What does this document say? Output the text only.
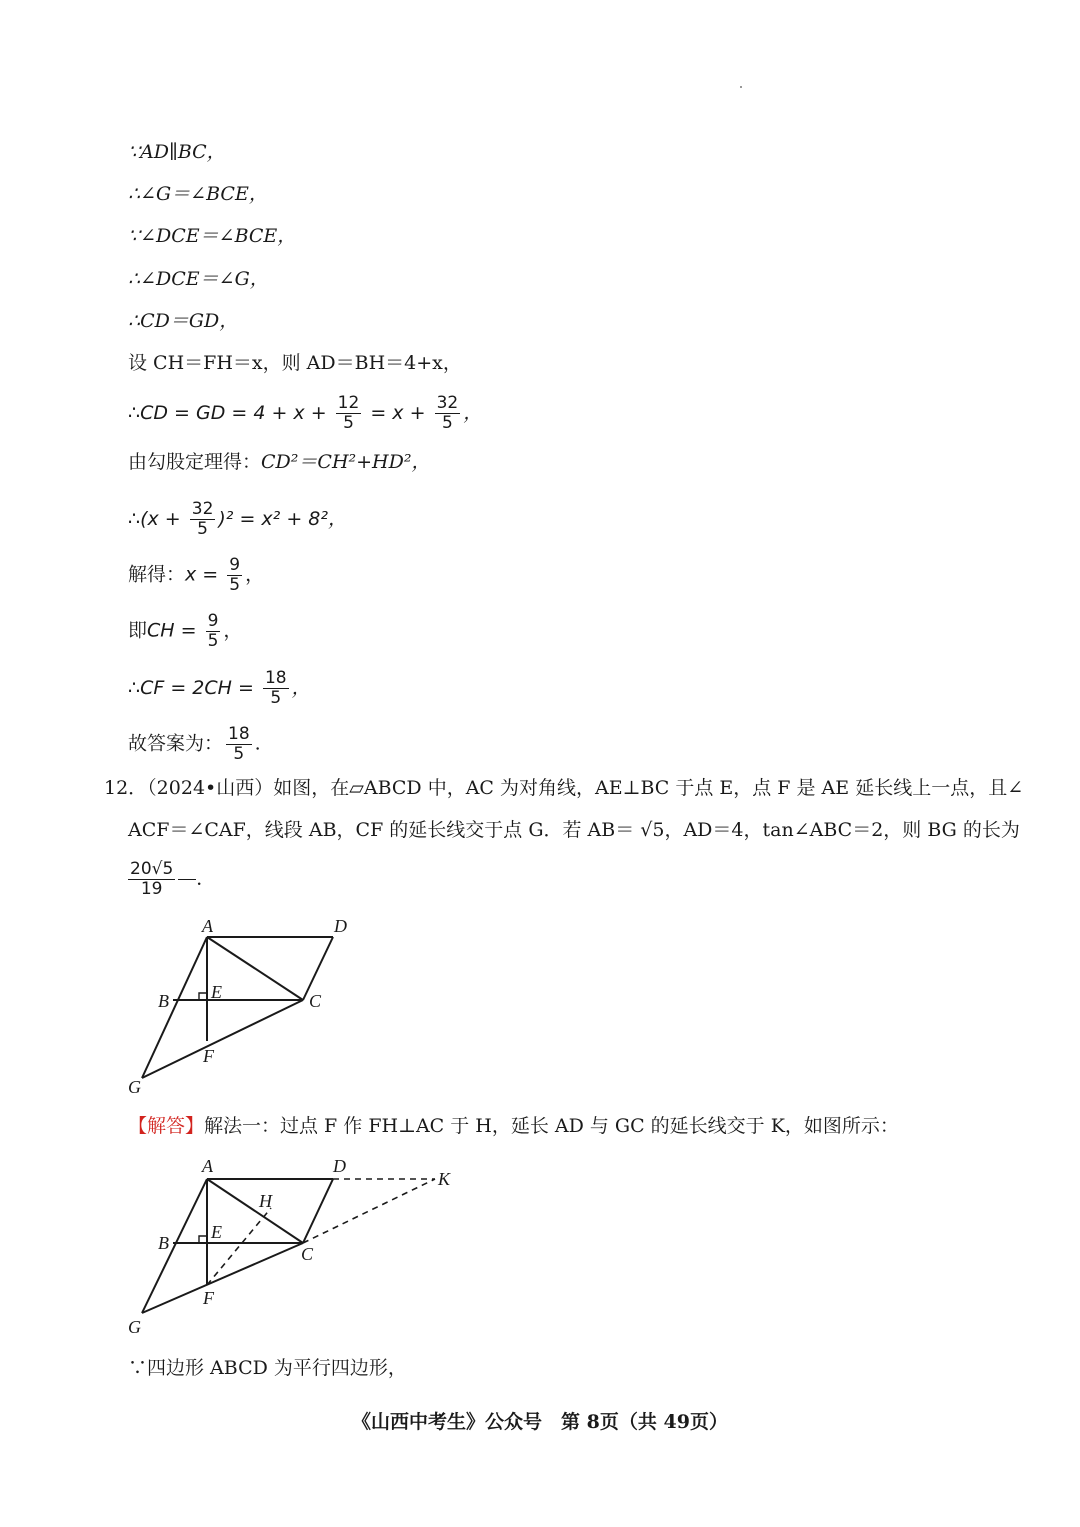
∵AD∥BC，
∴∠G＝∠BCE，
∵∠DCE＝∠BCE，
∴∠DCE＝∠G，
∴CD＝GD，
设 CH＝FH＝x，则 AD＝BH＝4+x，
∴CD = GD = $4 + x + \frac{12}{5} = x + \frac{32}{5}$ ，
由勾股定理得：CD²＝CH²+HD²，
∴(x + $\frac{32}{5} )^2 = x^2 + 8^2$，
解得：$x = \frac{9}{5}$ ，
即CH = $\frac{9}{5}$ ，
∴CF = $2CH = \frac{18}{5}$ ，
故答案为： $\frac{18}{5}$ .
12．（2024•山西）如图，在▱ABCD 中，AC 为对角线，AE⊥BC 于点 E，点 F 是 AE 延长线上一点，且∠
ACF＝∠CAF，线段 AB，CF 的延长线交于点 G．若 AB＝ √5，AD＝4，tan∠ABC＝2，则 BG 的长为
$\frac{20√5}{19}$ ．
A	D
B E	C
F
G
【解答】解法一：过点 F 作 FH⊥AC 于 H，延长 AD 与 GC 的延长线交于 K，如图所示：
A	D
K
H
B
E
C
F
G
∵四边形 ABCD 为平行四边形，
《山西中考生》公众号　第 8页（共 49页）
